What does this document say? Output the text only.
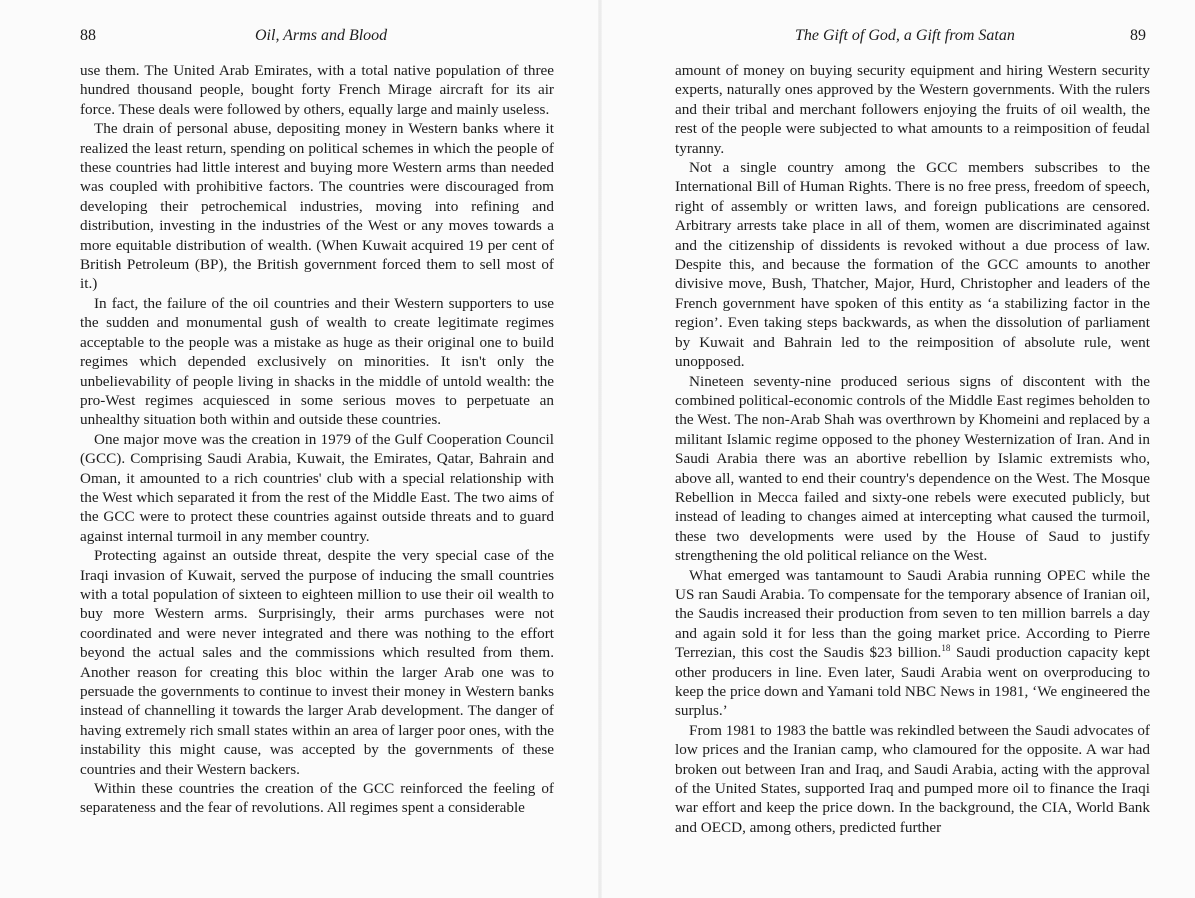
88	Oil, Arms and Blood

use them. The United Arab Emirates, with a total native population of three hundred thousand people, bought forty French Mirage aircraft for its air force. These deals were followed by others, equally large and mainly useless.

The drain of personal abuse, depositing money in Western banks where it realized the least return, spending on political schemes in which the people of these countries had little interest and buying more Western arms than needed was coupled with prohibitive factors. The countries were discouraged from developing their petrochemical industries, moving into refining and distribution, investing in the industries of the West or any moves towards a more equitable distribution of wealth. (When Kuwait acquired 19 per cent of British Petroleum (BP), the British government forced them to sell most of it.)

In fact, the failure of the oil countries and their Western supporters to use the sudden and monumental gush of wealth to create legitimate regimes acceptable to the people was a mistake as huge as their original one to build regimes which depended exclusively on minorities. It isn't only the unbelievability of people living in shacks in the middle of untold wealth: the pro-West regimes acquiesced in some serious moves to perpetuate an unhealthy situation both within and outside these countries.

One major move was the creation in 1979 of the Gulf Cooperation Council (GCC). Comprising Saudi Arabia, Kuwait, the Emirates, Qatar, Bahrain and Oman, it amounted to a rich countries' club with a special relationship with the West which separated it from the rest of the Middle East. The two aims of the GCC were to protect these countries against outside threats and to guard against internal turmoil in any member country.

Protecting against an outside threat, despite the very special case of the Iraqi invasion of Kuwait, served the purpose of inducing the small countries with a total population of sixteen to eighteen million to use their oil wealth to buy more Western arms. Surprisingly, their arms purchases were not coordinated and were never integrated and there was nothing to the effort beyond the actual sales and the commissions which resulted from them. Another reason for creating this bloc within the larger Arab one was to persuade the governments to continue to invest their money in Western banks instead of channelling it towards the larger Arab development. The danger of having extremely rich small states within an area of larger poor ones, with the instability this might cause, was accepted by the governments of these countries and their Western backers.

Within these countries the creation of the GCC reinforced the feeling of separateness and the fear of revolutions. All regimes spent a considerable

The Gift of God, a Gift from Satan	89

amount of money on buying security equipment and hiring Western security experts, naturally ones approved by the Western governments. With the rulers and their tribal and merchant followers enjoying the fruits of oil wealth, the rest of the people were subjected to what amounts to a reimposition of feudal tyranny.

Not a single country among the GCC members subscribes to the International Bill of Human Rights. There is no free press, freedom of speech, right of assembly or written laws, and foreign publications are censored. Arbitrary arrests take place in all of them, women are discriminated against and the citizenship of dissidents is revoked without a due process of law. Despite this, and because the formation of the GCC amounts to another divisive move, Bush, Thatcher, Major, Hurd, Christopher and leaders of the French government have spoken of this entity as ‘a stabilizing factor in the region’. Even taking steps backwards, as when the dissolution of parliament by Kuwait and Bahrain led to the reimposition of absolute rule, went unopposed.

Nineteen seventy-nine produced serious signs of discontent with the combined political-economic controls of the Middle East regimes beholden to the West. The non-Arab Shah was overthrown by Khomeini and replaced by a militant Islamic regime opposed to the phoney Westernization of Iran. And in Saudi Arabia there was an abortive rebellion by Islamic extremists who, above all, wanted to end their country's dependence on the West. The Mosque Rebellion in Mecca failed and sixty-one rebels were executed publicly, but instead of leading to changes aimed at intercepting what caused the turmoil, these two developments were used by the House of Saud to justify strengthening the old political reliance on the West.

What emerged was tantamount to Saudi Arabia running OPEC while the US ran Saudi Arabia. To compensate for the temporary absence of Iranian oil, the Saudis increased their production from seven to ten million barrels a day and again sold it for less than the going market price. According to Pierre Terrezian, this cost the Saudis $23 billion.$^{18}$ Saudi production capacity kept other producers in line. Even later, Saudi Arabia went on overproducing to keep the price down and Yamani told NBC News in 1981, ‘We engineered the surplus.’

From 1981 to 1983 the battle was rekindled between the Saudi advocates of low prices and the Iranian camp, who clamoured for the opposite. A war had broken out between Iran and Iraq, and Saudi Arabia, acting with the approval of the United States, supported Iraq and pumped more oil to finance the Iraqi war effort and keep the price down. In the background, the CIA, World Bank and OECD, among others, predicted further
